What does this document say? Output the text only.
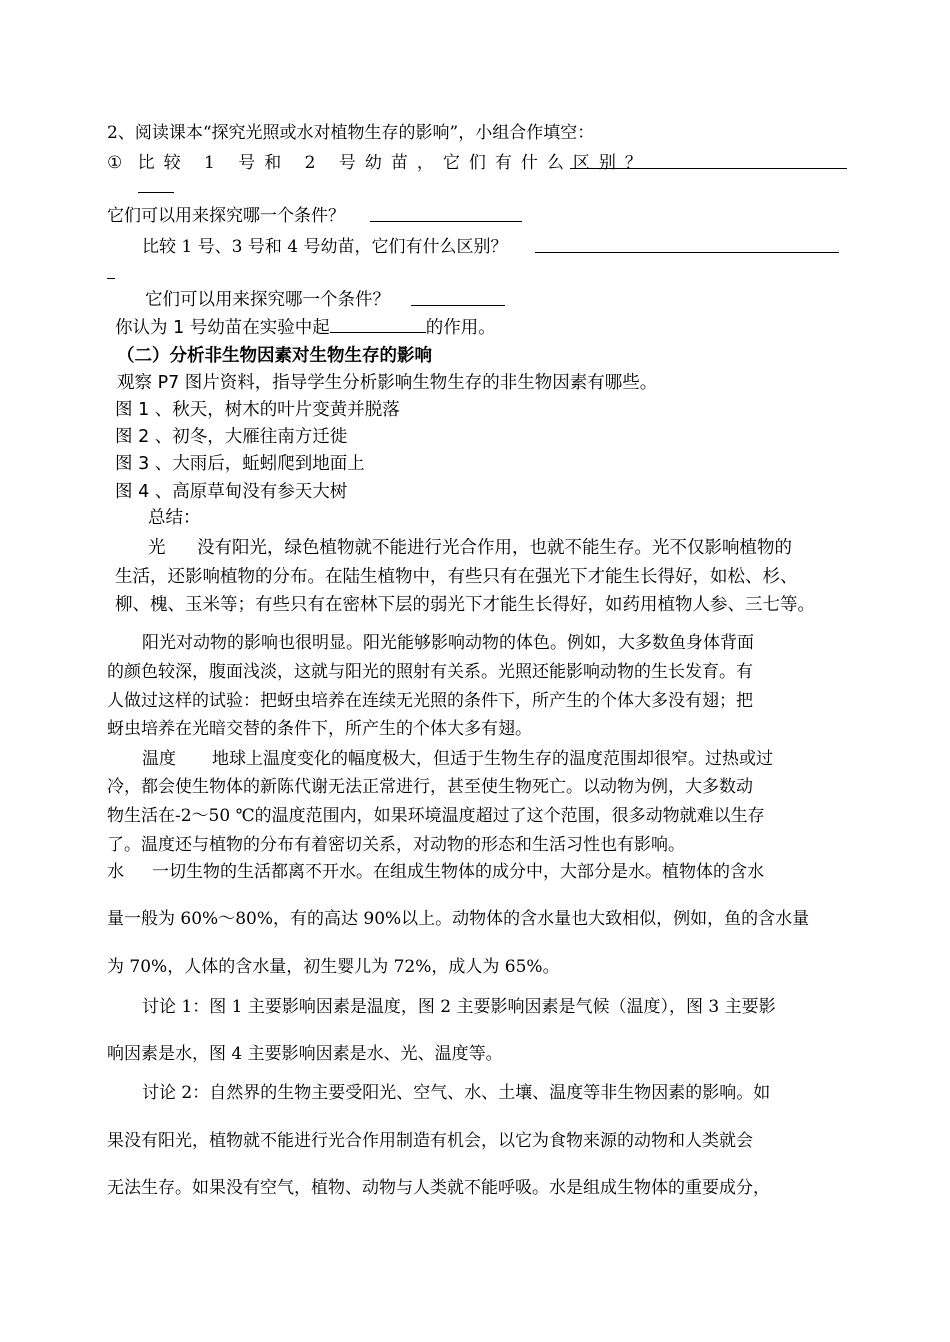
2、阅读课本“探究光照或水对植物生存的影响”，小组合作填空：
① 比较 1 号和 2 号幼苗，它们有什么区别？
它们可以用来探究哪一个条件？
比较 1 号、3 号和 4 号幼苗，它们有什么区别？
它们可以用来探究哪一个条件？
你认为 1 号幼苗在实验中起	的作用。
（二）分析非生物因素对生物生存的影响
观察 P7 图片资料，指导学生分析影响生物生存的非生物因素有哪些。
图 1 、秋天，树木的叶片变黄并脱落
图 2 、初冬，大雁往南方迁徙
图 3 、大雨后，蚯蚓爬到地面上
图 4 、高原草甸没有参天大树
总结：
光 没有阳光，绿色植物就不能进行光合作用，也就不能生存。光不仅影响植物的
生活，还影响植物的分布。在陆生植物中，有些只有在强光下才能生长得好，如松、杉、
柳、槐、玉米等；有些只有在密林下层的弱光下才能生长得好，如药用植物人参、三七等。
阳光对动物的影响也很明显。阳光能够影响动物的体色。例如，大多数鱼身体背面
的颜色较深，腹面浅淡，这就与阳光的照射有关系。光照还能影响动物的生长发育。有
人做过这样的试验：把蚜虫培养在连续无光照的条件下，所产生的个体大多没有翅；把
蚜虫培养在光暗交替的条件下，所产生的个体大多有翅。
温度 地球上温度变化的幅度极大，但适于生物生存的温度范围却很窄。过热或过
冷，都会使生物体的新陈代谢无法正常进行，甚至使生物死亡。以动物为例，大多数动
物生活在-2～50 ℃的温度范围内，如果环境温度超过了这个范围，很多动物就难以生存
了。温度还与植物的分布有着密切关系，对动物的形态和生活习性也有影响。
水 一切生物的生活都离不开水。在组成生物体的成分中，大部分是水。植物体的含水
量一般为 60%～80%，有的高达 90%以上。动物体的含水量也大致相似，例如，鱼的含水量
为 70%，人体的含水量，初生婴儿为 72%，成人为 65%。
讨论 1：图 1 主要影响因素是温度，图 2 主要影响因素是气候（温度），图 3 主要影
响因素是水，图 4 主要影响因素是水、光、温度等。
讨论 2：自然界的生物主要受阳光、空气、水、土壤、温度等非生物因素的影响。如
果没有阳光，植物就不能进行光合作用制造有机会，以它为食物来源的动物和人类就会
无法生存。如果没有空气，植物、动物与人类就不能呼吸。水是组成生物体的重要成分，
